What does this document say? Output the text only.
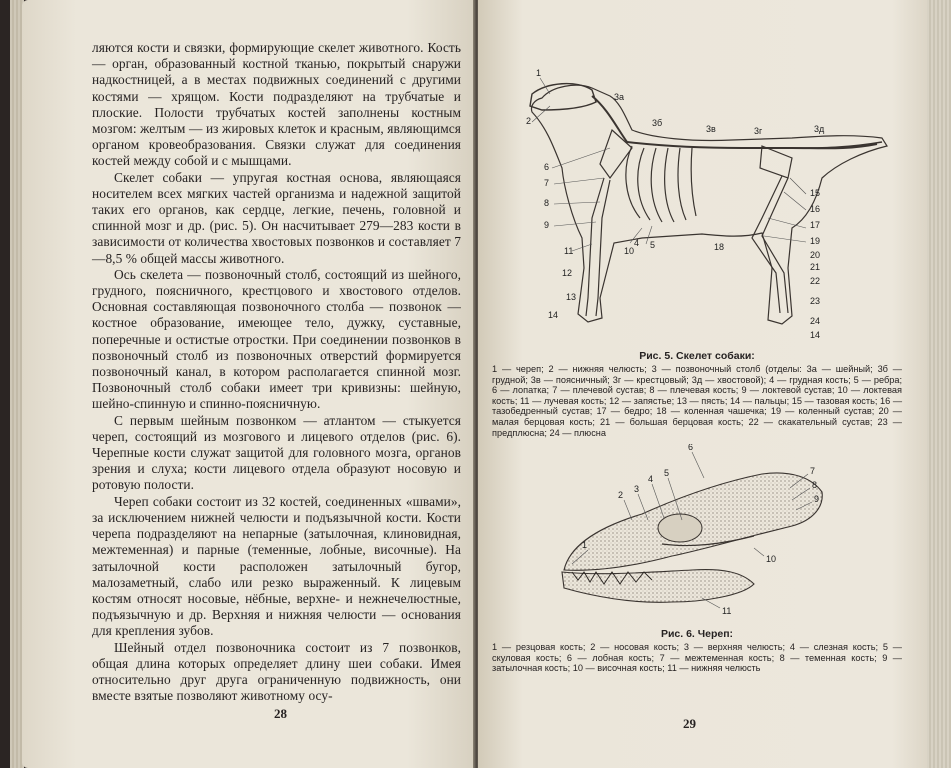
ляются кости и связки, формирующие скелет животного. Кость — орган, образованный костной тканью, покрытый снаружи надкостницей, а в местах подвижных соединений с другими костями — хрящом. Кости подразделяют на трубчатые и плоские. Полости трубчатых костей заполнены костным мозгом: желтым — из жировых клеток и красным, являющимся органом кровеобразования. Связки служат для соединения костей между собой и с мышцами.

Скелет собаки — упругая костная основа, являющаяся носителем всех мягких частей организма и надежной защитой таких его органов, как сердце, легкие, печень, головной и спинной мозг и др. (рис. 5). Он насчитывает 279—283 кости в зависимости от количества хвостовых позвонков и составляет 7—8,5 % общей массы животного.

Ось скелета — позвоночный столб, состоящий из шейного, грудного, поясничного, крестцового и хвостового отделов. Основная составляющая позвоночного столба — позвонок — костное образование, имеющее тело, дужку, суставные, поперечные и остистые отростки. При соединении позвонков в позвоночный столб из позвоночных отверстий формируется позвоночный канал, в котором располагается спинной мозг. Позвоночный столб собаки имеет три кривизны: шейную, шейно-спинную и спинно-поясничную.

С первым шейным позвонком — атлантом — стыкуется череп, состоящий из мозгового и лицевого отделов (рис. 6). Черепные кости служат защитой для головного мозга, органов зрения и слуха; кости лицевого отдела образуют носовую и ротовую полости.

Череп собаки состоит из 32 костей, соединенных «швами», за исключением нижней челюсти и подъязычной кости. Кости черепа подразделяют на непарные (затылочная, клиновидная, межтеменная) и парные (теменные, лобные, височные). На затылочной кости расположен затылочный бугор, малозаметный, слабо или резко выраженный. К лицевым костям относят носовые, нёбные, верхне- и нежнечелюстные, подъязычную и др. Верхняя и нижняя челюсти — основания для крепления зубов.

Шейный отдел позвоночника состоит из 7 позвонков, общая длина которых определяет длину шеи собаки. Имея относительно друг друга ограниченную подвижность, они вместе взятые позволяют животному осу-

28
1
2
6
7
8
9
10
11
12
13
14
4 5	18
3а
3б
3в	3г	3д
15
16
17
19
20
21
22
23
24
14

Рис. 5. Скелет собаки:

1 — череп; 2 — нижняя челюсть; 3 — позвоночный столб (отделы: 3а — шейный; 3б — грудной; 3в — поясничный; 3г — крестцовый; 3д — хвостовой); 4 — грудная кость; 5 — ребра; 6 — лопатка; 7 — плечевой сустав; 8 — плечевая кость; 9 — локтевой сустав; 10 — локтевая кость; 11 — лучевая кость; 12 — запястье; 13 — пясть; 14 — пальцы; 15 — тазовая кость; 16 — тазобедренный сустав; 17 — бедро; 18 — коленная чашечка; 19 — коленный сустав; 20 — малая берцовая кость; 21 — большая берцовая кость; 22 — скакательный сустав; 23 — предплюсна; 24 — плюсна

1
2
3
4
5
6
7
8
9
10
11

Рис. 6. Череп:

1 — резцовая кость; 2 — носовая кость; 3 — верхняя челюсть; 4 — слезная кость; 5 — скуловая кость; 6 — лобная кость; 7 — межтеменная кость; 8 — теменная кость; 9 — затылочная кость; 10 — височная кость; 11 — нижняя челюсть

29
